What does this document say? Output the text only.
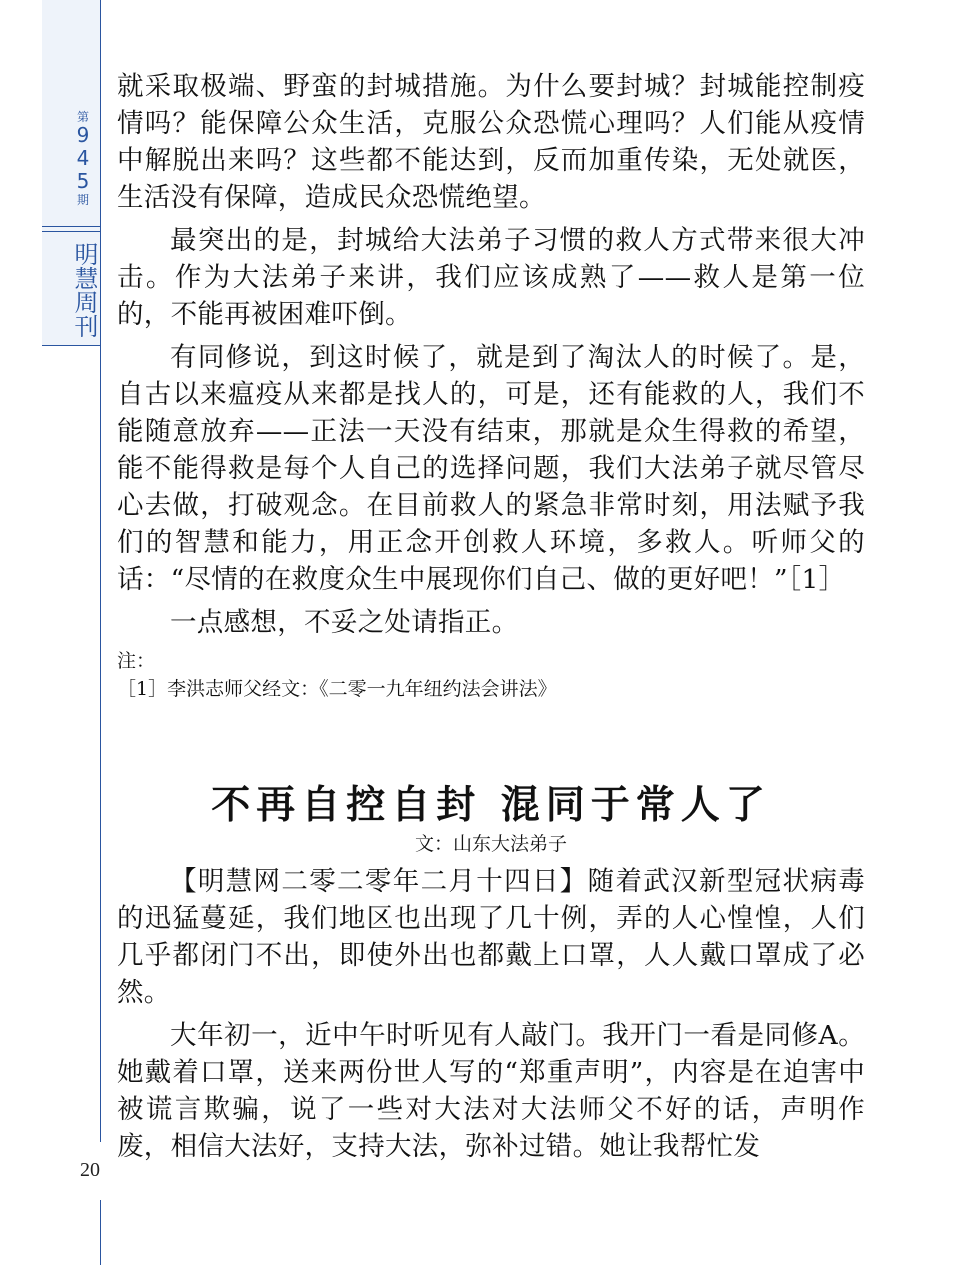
第
9
4
5
期
明慧周刊
20

就采取极端、野蛮的封城措施。为什么要封城？封城能控制疫情吗？能保障公众生活，克服公众恐慌心理吗？人们能从疫情中解脱出来吗？这些都不能达到，反而加重传染，无处就医，生活没有保障，造成民众恐慌绝望。

最突出的是，封城给大法弟子习惯的救人方式带来很大冲击。作为大法弟子来讲，我们应该成熟了——救人是第一位的，不能再被困难吓倒。

有同修说，到这时候了，就是到了淘汰人的时候了。是，自古以来瘟疫从来都是找人的，可是，还有能救的人，我们不能随意放弃——正法一天没有结束，那就是众生得救的希望，能不能得救是每个人自己的选择问题，我们大法弟子就尽管尽心去做，打破观念。在目前救人的紧急非常时刻，用法赋予我们的智慧和能力，用正念开创救人环境，多救人。听师父的话：“尽情的在救度众生中展现你们自己、做的更好吧！”［1］

一点感想，不妥之处请指正。

注：

［1］李洪志师父经文：《二零一九年纽约法会讲法》

不再自控自封 混同于常人了

文：山东大法弟子

【明慧网二零二零年二月十四日】随着武汉新型冠状病毒的迅猛蔓延，我们地区也出现了几十例，弄的人心惶惶，人们几乎都闭门不出，即使外出也都戴上口罩，人人戴口罩成了必然。

大年初一，近中午时听见有人敲门。我开门一看是同修A。她戴着口罩，送来两份世人写的“郑重声明”，内容是在迫害中被谎言欺骗，说了一些对大法对大法师父不好的话，声明作废，相信大法好，支持大法，弥补过错。她让我帮忙发
